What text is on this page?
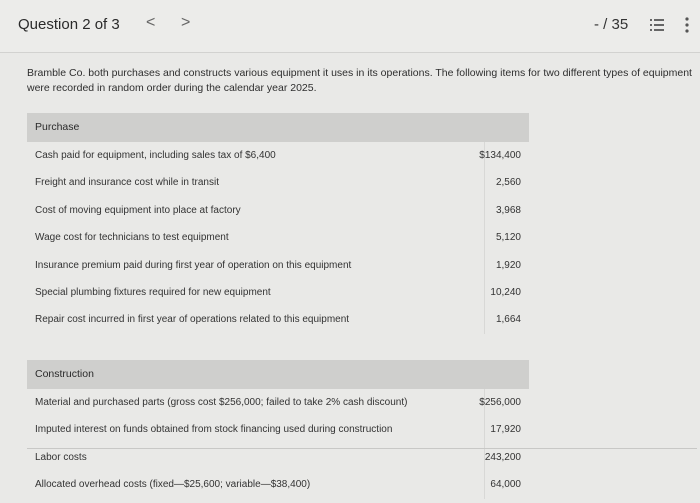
Question 2 of 3 < >	- / 35
Bramble Co. both purchases and constructs various equipment it uses in its operations. The following items for two different types of equipment were recorded in random order during the calendar year 2025.
Purchase
Cash paid for equipment, including sales tax of $6,400	$134,400
Freight and insurance cost while in transit	2,560
Cost of moving equipment into place at factory	3,968
Wage cost for technicians to test equipment	5,120
Insurance premium paid during first year of operation on this equipment	1,920
Special plumbing fixtures required for new equipment	10,240
Repair cost incurred in first year of operations related to this equipment	1,664
Construction
Material and purchased parts (gross cost $256,000; failed to take 2% cash discount)	$256,000
Imputed interest on funds obtained from stock financing used during construction	17,920
Labor costs	243,200
Allocated overhead costs (fixed—$25,600; variable—$38,400)	64,000
